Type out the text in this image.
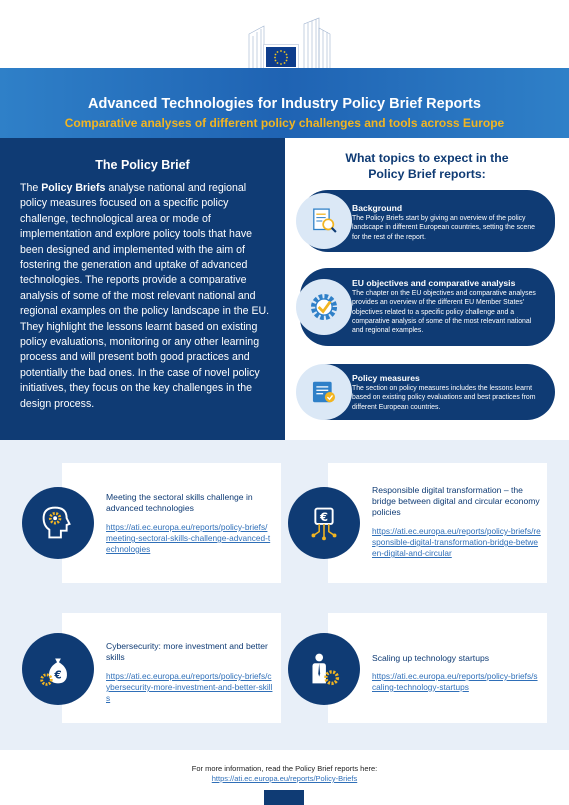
Advanced Technologies for Industry Policy Brief Reports
Comparative analyses of different policy challenges and tools across Europe
The Policy Brief

The Policy Briefs analyse national and regional policy measures focused on a specific policy challenge, technological area or mode of implementation and explore policy tools that have been designed and implemented with the aim of fostering the generation and uptake of advanced technologies. The reports provide a comparative analysis of some of the most relevant national and regional examples on the policy landscape in the EU. They highlight the lessons learnt based on existing policy evaluations, monitoring or any other learning process and will present both good practices and potentially the bad ones. In the case of novel policy initiatives, they focus on the key challenges in the design process.

What topics to expect in the
Policy Brief reports:
Background
The Policy Briefs start by giving an overview of the policy landscape in different European countries, setting the scene for the rest of the report.
EU objectives and comparative analysis
The chapter on the EU objectives and comparative analyses provides an overview of the different EU Member States' objectives related to a specific policy challenge and a comparative analysis of some of the most relevant national and regional examples.
Policy measures
The section on policy measures includes the lessons learnt based on existing policy evaluations and best practices from different European countries.
Meeting the sectoral skills challenge in advanced technologies
https://ati.ec.europa.eu/reports/policy-briefs/meeting-sectoral-skills-challenge-advanced-technologies
€
Responsible digital transformation – the bridge between digital and circular economy policies
https://ati.ec.europa.eu/reports/policy-briefs/responsible-digital-transformation-bridge-between-digital-and-circular
€
Cybersecurity: more investment and better skills
https://ati.ec.europa.eu/reports/policy-briefs/cybersecurity-more-investment-and-better-skills
Scaling up technology startups
https://ati.ec.europa.eu/reports/policy-briefs/scaling-technology-startups
For more information, read the Policy Brief reports here:
https://ati.ec.europa.eu/reports/Policy-Briefs
